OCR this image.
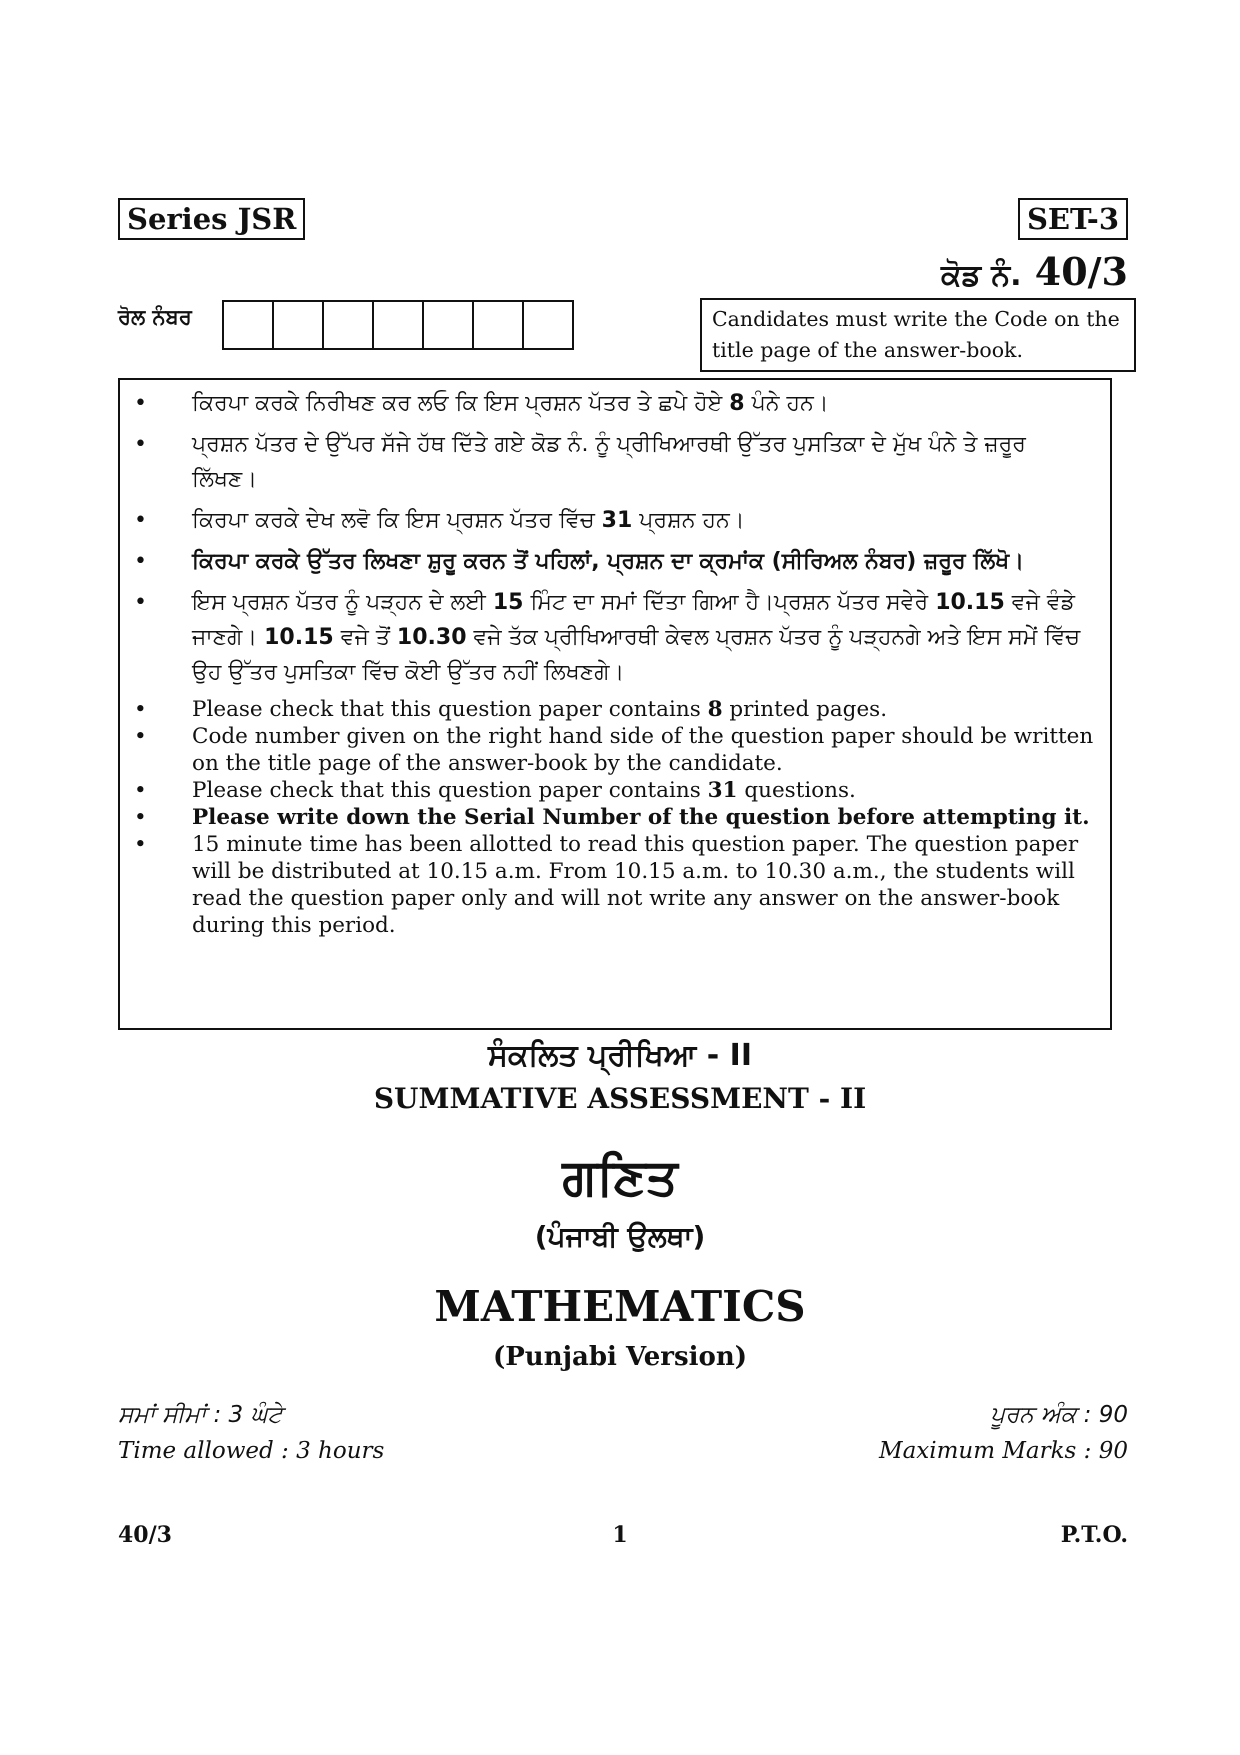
Series JSR	SET-3
ਕੋਡ ਨੰ. 40/3
ਰੋਲ ਨੰਬਰ	Candidates must write the Code on the title page of the answer-book.
• ਕਿਰਪਾ ਕਰਕੇ ਨਿਰੀਖਣ ਕਰ ਲਓ ਕਿ ਇਸ ਪ੍ਰਸ਼ਨ ਪੱਤਰ ਤੇ ਛਪੇ ਹੋਏ 8 ਪੰਨੇ ਹਨ।
• ਪ੍ਰਸ਼ਨ ਪੱਤਰ ਦੇ ਉੱਪਰ ਸੱਜੇ ਹੱਥ ਦਿੱਤੇ ਗਏ ਕੋਡ ਨੰ. ਨੂੰ ਪ੍ਰੀਖਿਆਰਥੀ ਉੱਤਰ ਪੁਸਤਿਕਾ ਦੇ ਮੁੱਖ ਪੰਨੇ ਤੇ ਜ਼ਰੂਰ ਲਿੱਖਣ।
• ਕਿਰਪਾ ਕਰਕੇ ਦੇਖ ਲਵੋ ਕਿ ਇਸ ਪ੍ਰਸ਼ਨ ਪੱਤਰ ਵਿੱਚ 31 ਪ੍ਰਸ਼ਨ ਹਨ।
• ਕਿਰਪਾ ਕਰਕੇ ਉੱਤਰ ਲਿਖਣਾ ਸ਼ੁਰੂ ਕਰਨ ਤੋਂ ਪਹਿਲਾਂ, ਪ੍ਰਸ਼ਨ ਦਾ ਕ੍ਰਮਾਂਕ (ਸੀਰਿਅਲ ਨੰਬਰ) ਜ਼ਰੂਰ ਲਿੱਖੋ।
• ਇਸ ਪ੍ਰਸ਼ਨ ਪੱਤਰ ਨੂੰ ਪੜ੍ਹਨ ਦੇ ਲਈ 15 ਮਿੰਟ ਦਾ ਸਮਾਂ ਦਿੱਤਾ ਗਿਆ ਹੈ।ਪ੍ਰਸ਼ਨ ਪੱਤਰ ਸਵੇਰੇ 10.15 ਵਜੇ ਵੰਡੇ ਜਾਣਗੇ। 10.15 ਵਜੇ ਤੋਂ 10.30 ਵਜੇ ਤੱਕ ਪ੍ਰੀਖਿਆਰਥੀ ਕੇਵਲ ਪ੍ਰਸ਼ਨ ਪੱਤਰ ਨੂੰ ਪੜ੍ਹਨਗੇ ਅਤੇ ਇਸ ਸਮੇਂ ਵਿੱਚ ਉਹ ਉੱਤਰ ਪੁਸਤਿਕਾ ਵਿੱਚ ਕੋਈ ਉੱਤਰ ਨਹੀਂ ਲਿਖਣਗੇ।
• Please check that this question paper contains 8 printed pages.
• Code number given on the right hand side of the question paper should be written on the title page of the answer-book by the candidate.
• Please check that this question paper contains 31 questions.
• Please write down the Serial Number of the question before attempting it.
• 15 minute time has been allotted to read this question paper. The question paper will be distributed at 10.15 a.m. From 10.15 a.m. to 10.30 a.m., the students will read the question paper only and will not write any answer on the answer-book during this period.
ਸੰਕਲਿਤ ਪ੍ਰੀਖਿਆ - II
SUMMATIVE ASSESSMENT - II
ਗਣਿਤ
(ਪੰਜਾਬੀ ਉਲਥਾ)
MATHEMATICS
(Punjabi Version)
ਸਮਾਂ ਸੀਮਾਂ : 3 ਘੰਟੇ
Time allowed : 3 hours
ਪੂਰਨ ਅੰਕ : 90
Maximum Marks : 90
40/3	1	P.T.O.
